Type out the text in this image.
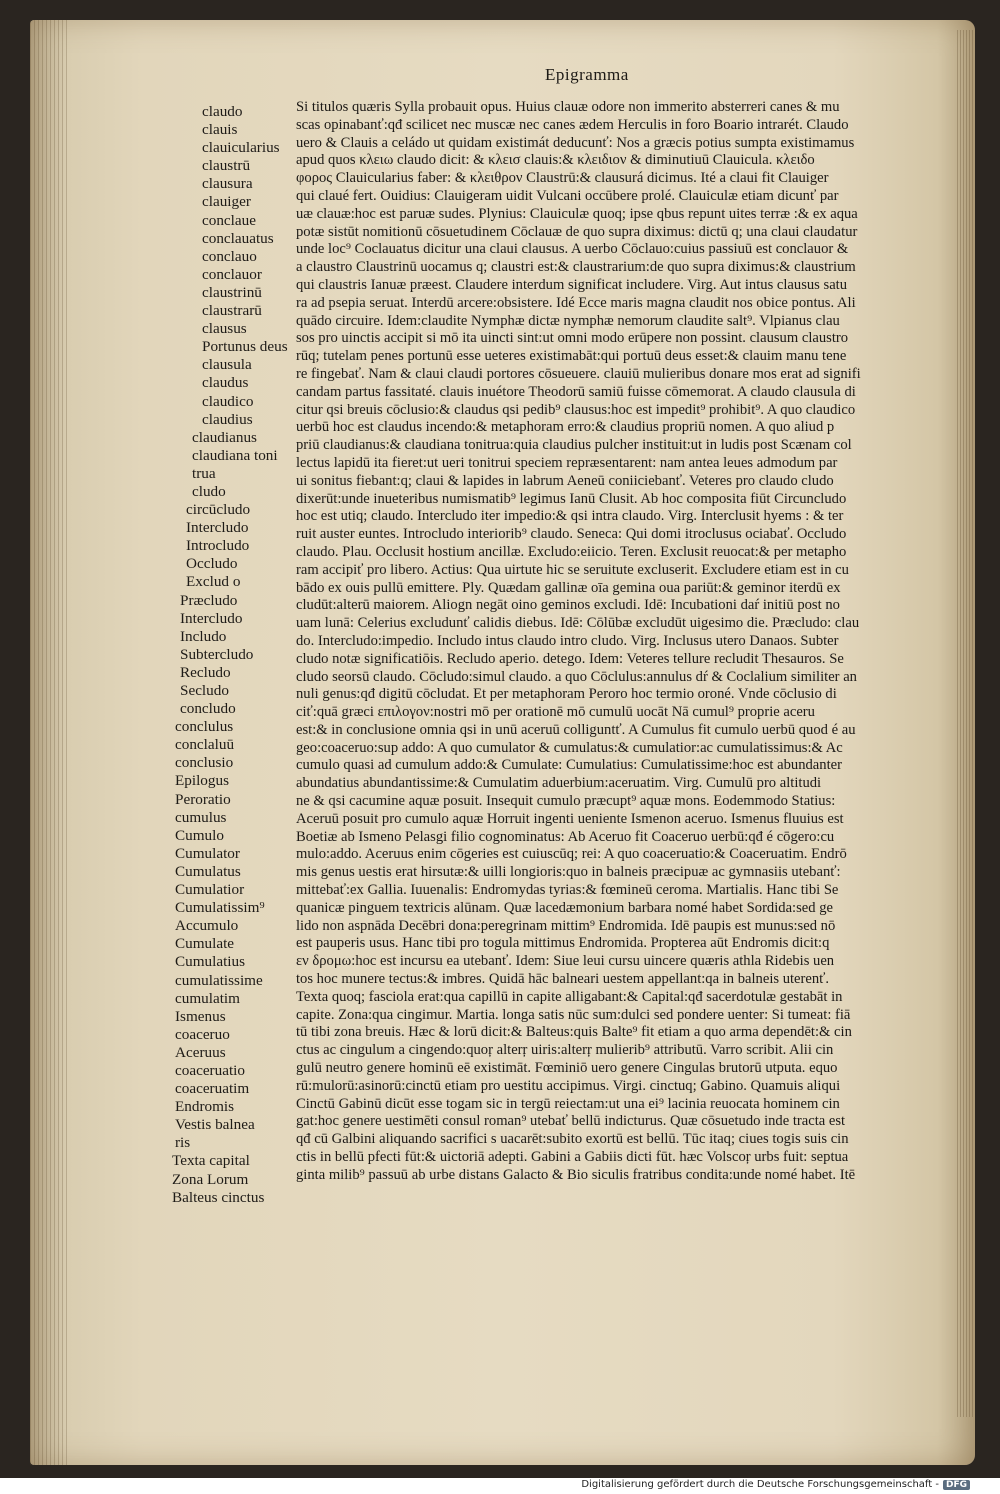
Epigramma
claudo
clauis
clauicularius
claustrū
clausura
clauiger
conclaue
conclauatus
conclauo
conclauor
claustrinū
claustrarū
clausus
Portunus deus
clausula
claudus
claudico
claudius
claudianus
claudiana toni
trua
cludo
circūcludo
Intercludo
Introcludo
Occludo
Exclud o
Præcludo
Intercludo
Includo
Subtercludo
Recludo
Secludo
concludo
conclulus
conclaluū
conclusio
Epilogus
Peroratio
cumulus
Cumulo
Cumulator
Cumulatus
Cumulatior
Cumulatissim⁹
Accumulo
Cumulate
Cumulatius
cumulatissime
cumulatim
Ismenus
coaceruo
Aceruus
coaceruatio
coaceruatim
Endromis
Vestis balnea
ris
Texta capital
Zona Lorum
Balteus cinctus
Si titulos quæris Sylla probauit opus. Huius clauæ odore non immerito absterreri canes & mu
scas opinabanť:qđ scilicet nec muscæ nec canes ædem Herculis in foro Boario intrarét. Claudo
uero & Clauis a celádo ut quidam existimát deducunť: Nos a græcis potius sumpta existimamus
apud quos κλειω claudo dicit: & κλεισ clauis:& κλειδιον & diminutiuū Clauicula. κλειδο
φορος Clauicularius faber: & κλειθρον Claustrū:& clausurá dicimus. Ité a claui fit Clauiger
qui claué fert. Ouidius: Clauigeram uidit Vulcani occūbere prolé. Clauiculæ etiam dicunť par
uæ clauæ:hoc est paruæ sudes. Plynius: Clauiculæ quoq; ipse qbus repunt uites terræ :& ex aqua
potæ sistūt nomitionū cōsuetudinem Cōclauæ de quo supra diximus: dictū q; una claui claudatur
unde loc⁹ Coclauatus dicitur una claui clausus. A uerbo Cōclauo:cuius passiuū est conclauor &
a claustro Claustrinū uocamus q; claustri est:& claustrarium:de quo supra diximus:& claustrium
qui claustris Ianuæ præest. Claudere interdum significat includere. Virg. Aut intus clausus satu
ra ad psepia seruat. Interdū arcere:obsistere. Idé Ecce maris magna claudit nos obice pontus. Ali
quādo circuire. Idem:claudite Nymphæ dictæ nymphæ nemorum claudite salt⁹. Vlpianus clau
sos pro uinctis accipit si mō ita uincti sint:ut omni modo erūpere non possint. clausum claustro
rūq; tutelam penes portunū esse ueteres existimabāt:qui portuū deus esset:& clauim manu tene
re fingebať. Nam & claui claudi portores cōsueuere. clauiū mulieribus donare mos erat ad signifi
candam partus fassitaté. clauis inuétore Theodorū samiū fuisse cōmemorat. A claudo clausula di
citur qsi breuis cōclusio:& claudus qsi pedib⁹ clausus:hoc est impedit⁹ prohibit⁹. A quo claudico
uerbū hoc est claudus incendo:& metaphoram erro:& claudius propriū nomen. A quo aliud p
priū claudianus:& claudiana tonitrua:quia claudius pulcher instituit:ut in ludis post Scænam col
lectus lapidū ita fieret:ut ueri tonitrui speciem repræsentarent: nam antea leues admodum par
ui sonitus fiebant:q; claui & lapides in labrum Aeneū coniiciebanť. Veteres pro claudo cludo
dixerūt:unde inueteribus numismatib⁹ legimus Ianū Clusit. Ab hoc composita fiūt Circuncludo
hoc est utiq; claudo. Intercludo iter impedio:& qsi intra claudo. Virg. Interclusit hyems : & ter
ruit auster euntes. Introcludo interiorib⁹ claudo. Seneca: Qui domi itroclusus ociabať. Occludo
claudo. Plau. Occlusit hostium ancillæ. Excludo:eiicio. Teren. Exclusit reuocat:& per metapho
ram accipiť pro libero. Actius: Qua uirtute hic se seruitute excluserit. Excludere etiam est in cu
bādo ex ouis pullū emittere. Ply. Quædam gallinæ oīa gemina oua pariūt:& geminor iterdū ex
cludūt:alterū maiorem. Aliogn negāt oino geminos excludi. Idē: Incubationi daŕ initiū post no
uam lunā: Celerius excludunť calidis diebus. Idē: Cōlūbæ excludūt uigesimo die. Præcludo: clau
do. Intercludo:impedio. Includo intus claudo intro cludo. Virg. Inclusus utero Danaos. Subter
cludo notæ significatiōis. Recludo aperio. detego. Idem: Veteres tellure recludit Thesauros. Se
cludo seorsū claudo. Cōcludo:simul claudo. a quo Cōclulus:annulus dŕ & Coclalium similiter an
nuli genus:qđ digitū cōcludat. Et per metaphoram Peroro hoc termio oroné. Vnde cōclusio di
ciť:quā græci επιλογον:nostri mō per orationē mō cumulū uocāt Nā cumul⁹ proprie aceru
est:& in conclusione omnia qsi in unū aceruū colliguntť. A Cumulus fit cumulo uerbū quod é au
geo:coaceruo:sup addo: A quo cumulator & cumulatus:& cumulatior:ac cumulatissimus:& Ac
cumulo quasi ad cumulum addo:& Cumulate: Cumulatius: Cumulatissime:hoc est abundanter
abundatius abundantissime:& Cumulatim aduerbium:aceruatim. Virg. Cumulū pro altitudi
ne & qsi cacumine aquæ posuit. Insequit cumulo præcupt⁹ aquæ mons. Eodemmodo Statius:
Aceruū posuit pro cumulo aquæ Horruit ingenti ueniente Ismenon aceruo. Ismenus fluuius est
Boetiæ ab Ismeno Pelasgi filio cognominatus: Ab Aceruo fit Coaceruo uerbū:qđ é cōgero:cu
mulo:addo. Aceruus enim cōgeries est cuiuscūq; rei: A quo coaceruatio:& Coaceruatim. Endrō
mis genus uestis erat hirsutæ:& uilli longioris:quo in balneis præcipuæ ac gymnasiis utebanť:
mittebať:ex Gallia. Iuuenalis: Endromydas tyrias:& fœmineū ceroma. Martialis. Hanc tibi Se
quanicæ pinguem textricis alūnam. Quæ lacedæmonium barbara nomé habet Sordida:sed ge
lido non aspnāda Decēbri dona:peregrinam mittim⁹ Endromida. Idē paupis est munus:sed nō
est pauperis usus. Hanc tibi pro togula mittimus Endromida. Propterea aūt Endromis dicit:q
εν δρομω:hoc est incursu ea utebanť. Idem: Siue leui cursu uincere quæris athla Ridebis uen
tos hoc munere tectus:& imbres. Quidā hāc balneari uestem appellant:qa in balneis uterenť.
Texta quoq; fasciola erat:qua capillū in capite alligabant:& Capital:qđ sacerdotulæ gestabāt in
capite. Zona:qua cingimur. Martia. longa satis nūc sum:dulci sed pondere uenter: Si tumeat: fiā
tū tibi zona breuis. Hæc & lorū dicit:& Balteus:quis Balte⁹ fit etiam a quo arma dependēt:& cin
ctus ac cingulum a cingendo:quoŗ alterŗ uiris:alterŗ mulierib⁹ attributū. Varro scribit. Alii cin
gulū neutro genere hominū eē existimāt. Fœminiō uero genere Cingulas brutorū utputa. equo
rū:mulorū:asinorū:cinctū etiam pro uestitu accipimus. Virgi. cinctuq; Gabino. Quamuis aliqui
Cinctū Gabinū dicūt esse togam sic in tergū reiectam:ut una ei⁹ lacinia reuocata hominem cin
gat:hoc genere uestimēti consul roman⁹ utebať bellū indicturus. Quæ cōsuetudo inde tracta est
qđ cū Galbini aliquando sacrifici s uacarēt:subito exortū est bellū. Tūc itaq; ciues togis suis cin
ctis in bellū pfecti fūt:& uictoriā adepti. Gabini a Gabiis dicti fūt. hæc Volscoŗ urbs fuit: septua
ginta milib⁹ passuū ab urbe distans Galacto & Bio siculis fratribus condita:unde nomé habet. Itē
Digitalisierung gefördert durch die Deutsche Forschungsgemeinschaft - DFG
